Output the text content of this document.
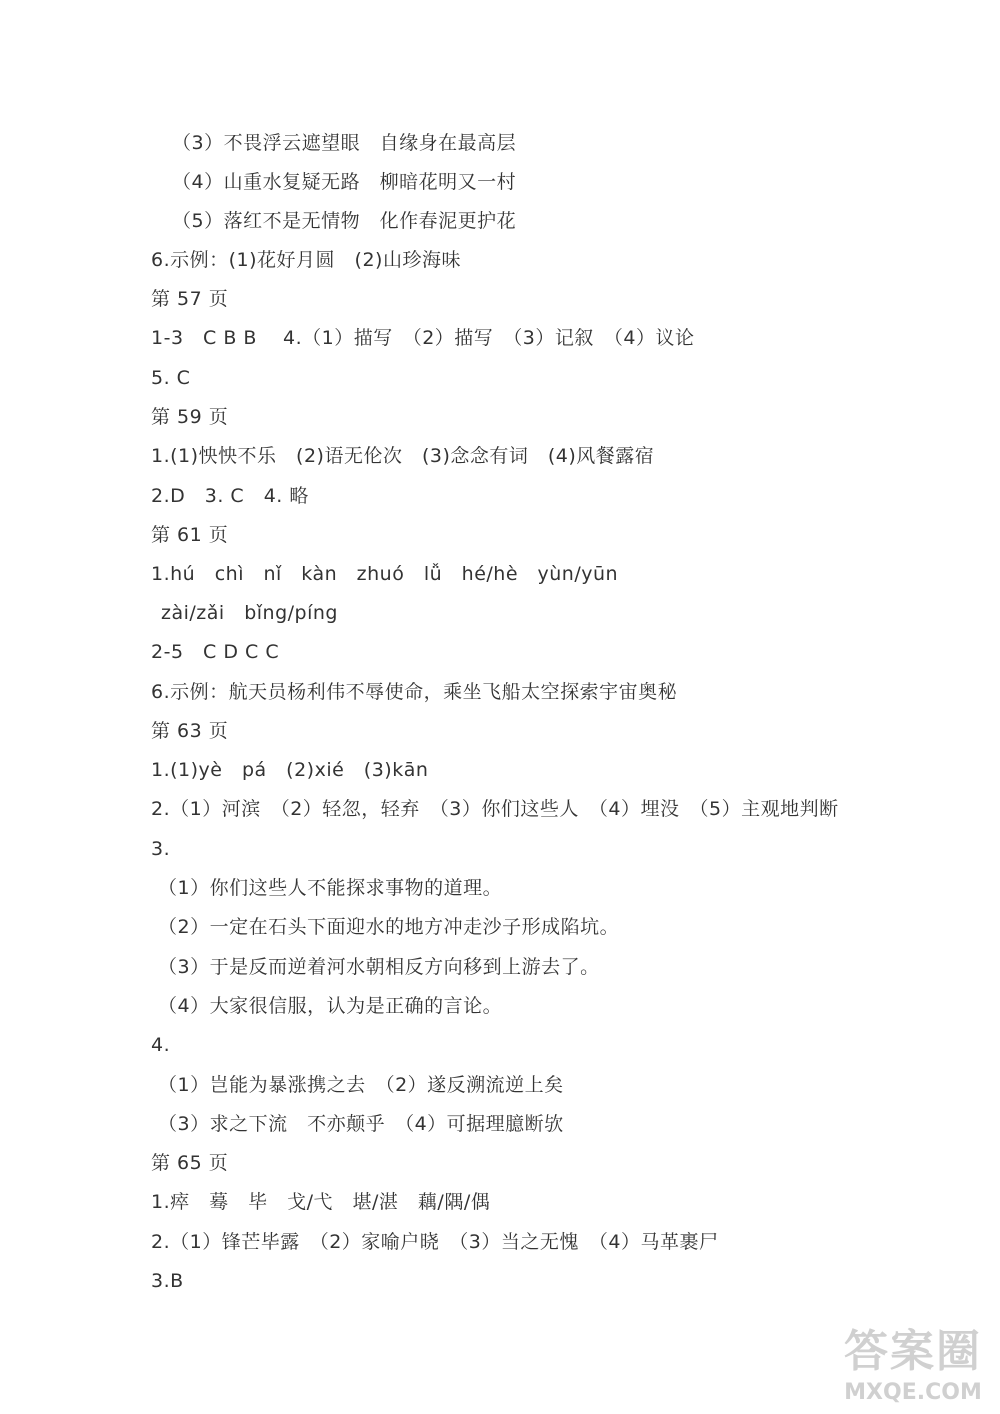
（3）不畏浮云遮望眼　自缘身在最高层
（4）山重水复疑无路　柳暗花明又一村
（5）落红不是无情物　化作春泥更护花
6.示例：(1)花好月圆　(2)山珍海味
第 57 页
1-3　C B B　 4.（1）描写　（2）描写　（3）记叙　（4）议论
5. C
第 59 页
1.(1)怏怏不乐　(2)语无伦次　(3)念念有词　(4)风餐露宿
2.D　3. C　4. 略
第 61 页
1.hú　chì　nǐ　kàn　zhuó　lǚ　hé/hè　yùn/yūn
zài/zǎi　bǐng/píng
2-5　C D C C
6.示例：航天员杨利伟不辱使命，乘坐飞船太空探索宇宙奥秘
第 63 页
1.(1)yè　pá　(2)xié　(3)kān
2.（1）河滨　（2）轻忽，轻弃　（3）你们这些人　（4）埋没　（5）主观地判断
3.
（1）你们这些人不能探求事物的道理。
（2）一定在石头下面迎水的地方冲走沙子形成陷坑。
（3）于是反而逆着河水朝相反方向移到上游去了。
（4）大家很信服，认为是正确的言论。
4.
（1）岂能为暴涨携之去　（2）遂反溯流逆上矣
（3）求之下流　不亦颠乎　（4）可据理臆断欤
第 65 页
1.瘁　蓦　毕　戈/弋　堪/湛　藕/隅/偶
2.（1）锋芒毕露　（2）家喻户晓　（3）当之无愧　（4）马革裹尸
3.B
答案圈
MXQE.COM
